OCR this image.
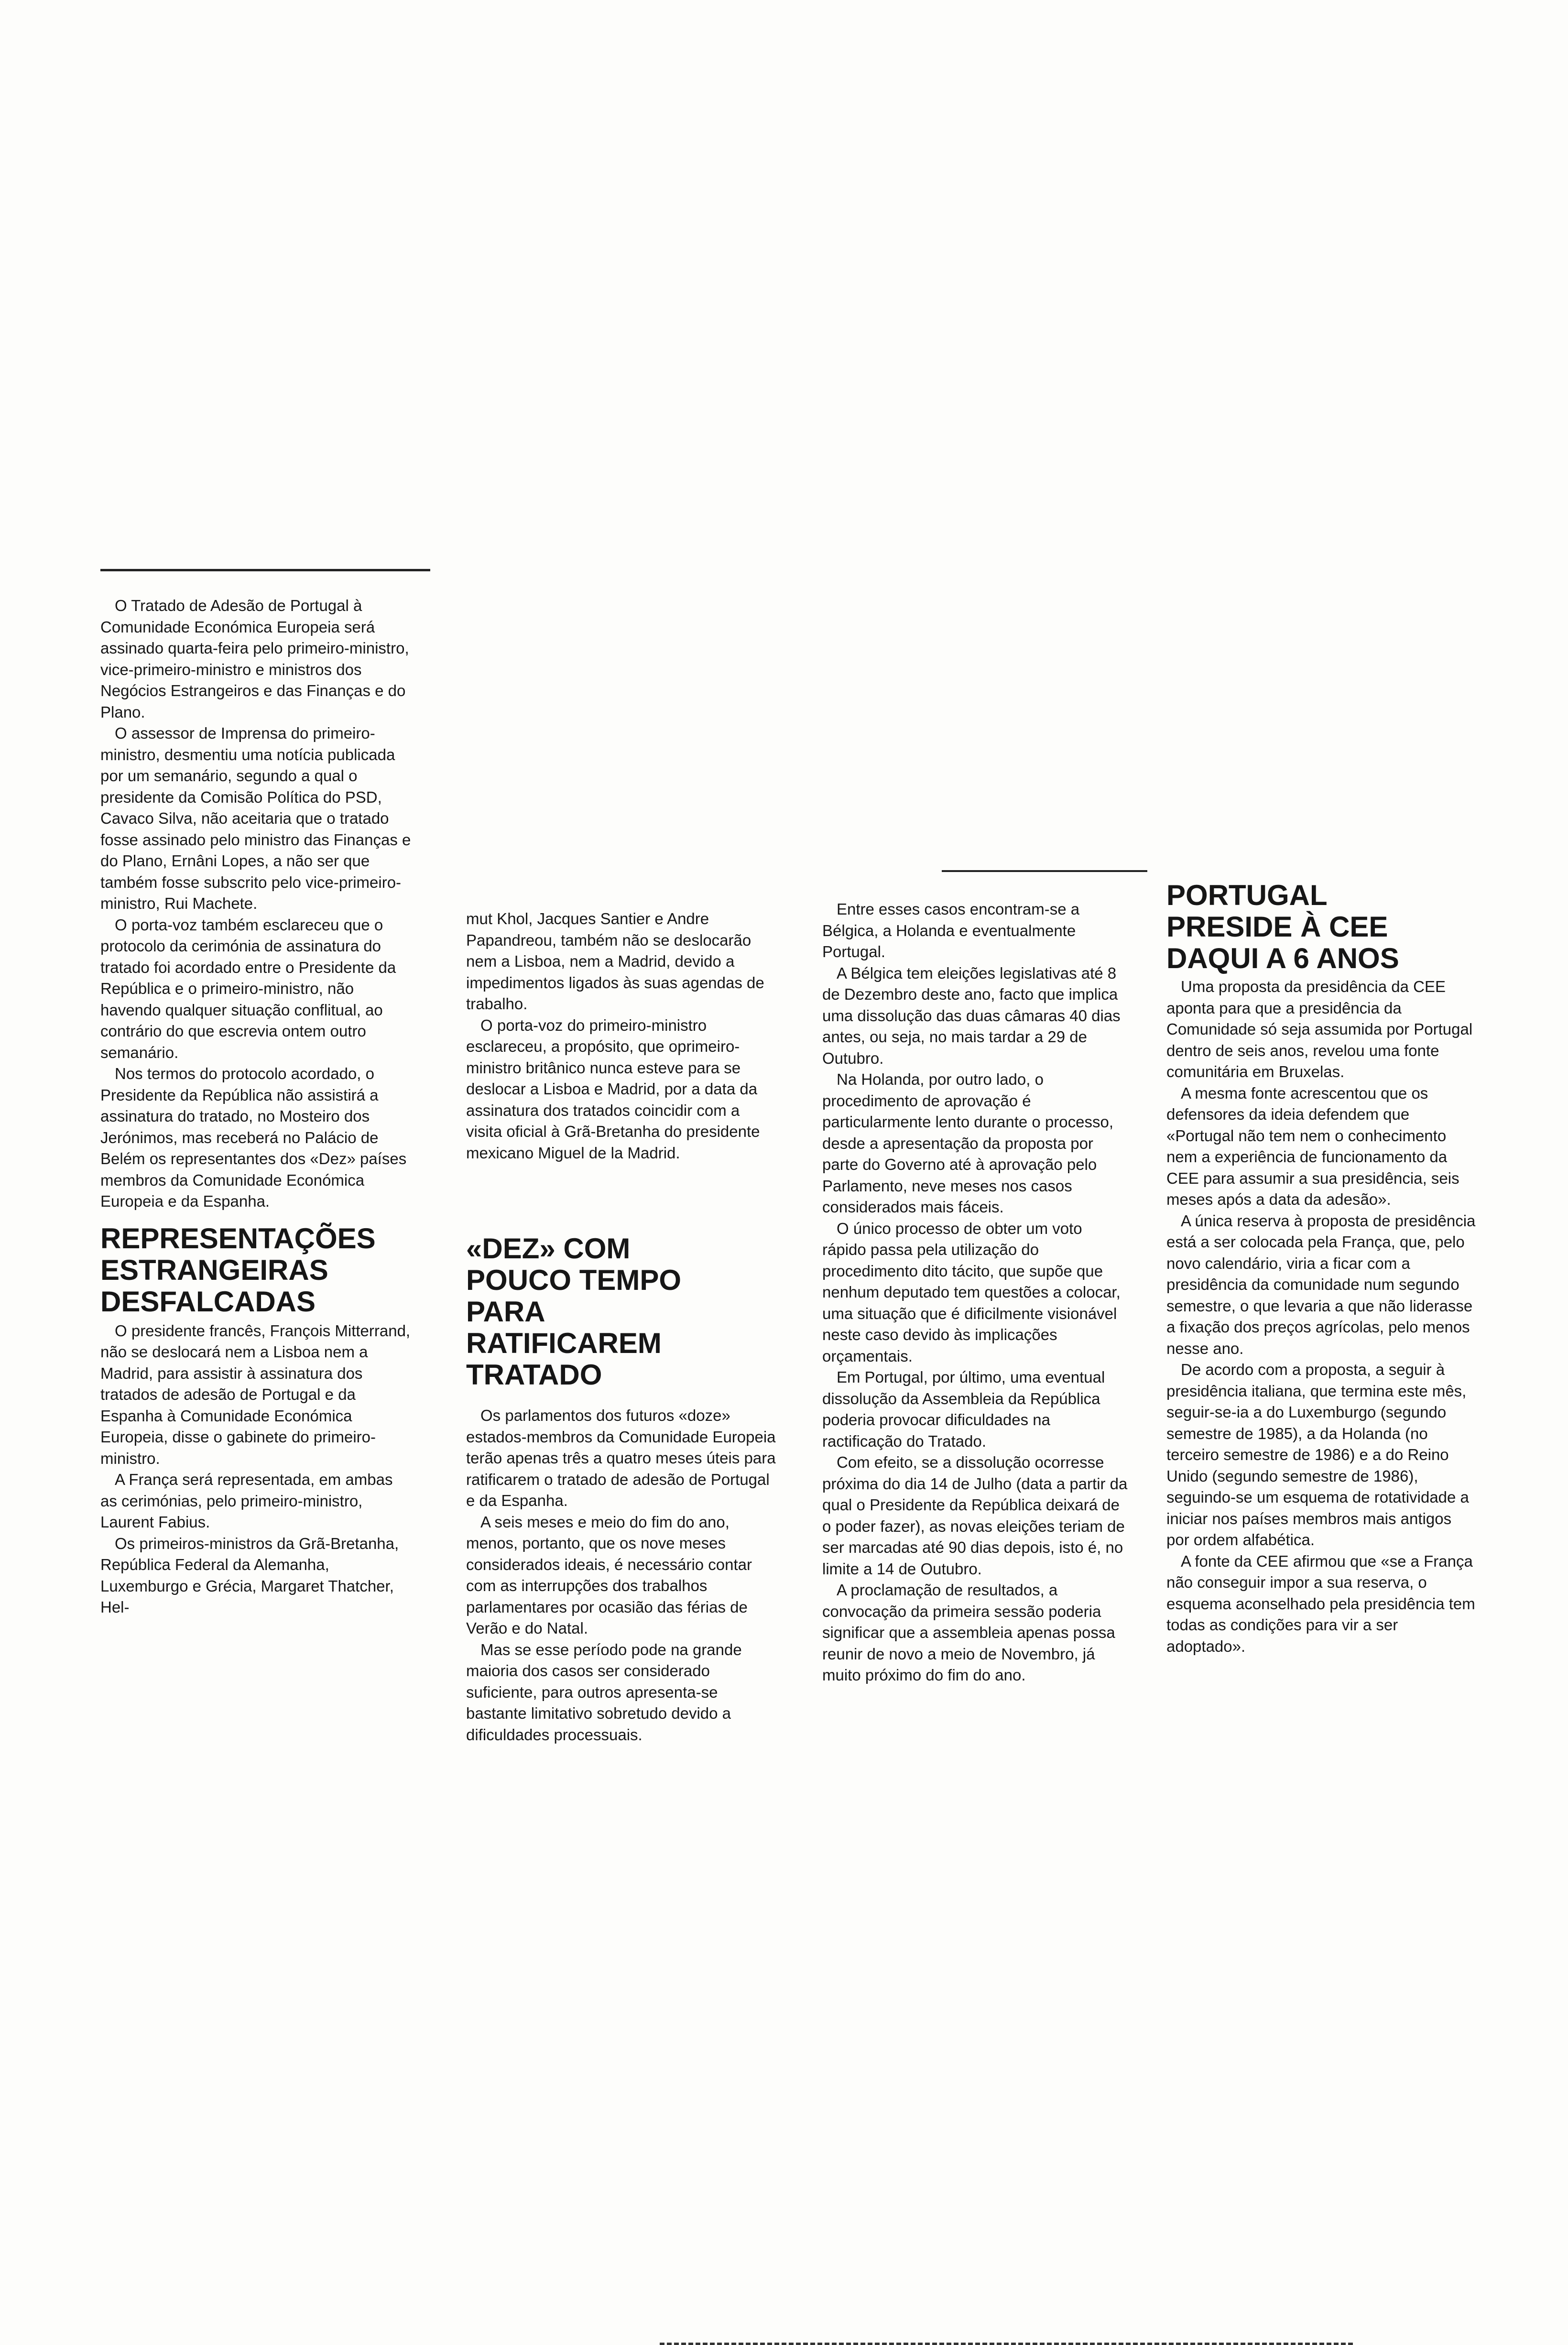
O Tratado de Adesão de Portugal à Comunidade Económica Europeia será assinado quarta-feira pelo primeiro-ministro, vice-primeiro-ministro e ministros dos Negócios Estrangeiros e das Finanças e do Plano.

O assessor de Imprensa do primeiro-ministro, desmentiu uma notícia publicada por um semanário, segundo a qual o presidente da Comisão Política do PSD, Cavaco Silva, não aceitaria que o tratado fosse assinado pelo ministro das Finanças e do Plano, Ernâni Lopes, a não ser que também fosse subscrito pelo vice-primeiro-ministro, Rui Machete.

O porta-voz também esclareceu que o protocolo da cerimónia de assinatura do tratado foi acordado entre o Presidente da República e o primeiro-ministro, não havendo qualquer situação conflitual, ao contrário do que escrevia ontem outro semanário.

Nos termos do protocolo acordado, o Presidente da República não assistirá a assinatura do tratado, no Mosteiro dos Jerónimos, mas receberá no Palácio de Belém os representantes dos «Dez» países membros da Comunidade Económica Europeia e da Espanha.

REPRESENTAÇÕES ESTRANGEIRAS DESFALCADAS

O presidente francês, François Mitterrand, não se deslocará nem a Lisboa nem a Madrid, para assistir à assinatura dos tratados de adesão de Portugal e da Espanha à Comunidade Económica Europeia, disse o gabinete do primeiro-ministro.

A França será representada, em ambas as cerimónias, pelo primeiro-ministro, Laurent Fabius.

Os primeiros-ministros da Grã-Bretanha, República Federal da Alemanha, Luxemburgo e Grécia, Margaret Thatcher, Hel-

mut Khol, Jacques Santier e Andre Papandreou, também não se deslocarão nem a Lisboa, nem a Madrid, devido a impedimentos ligados às suas agendas de trabalho.

O porta-voz do primeiro-ministro esclareceu, a propósito, que oprimeiro-ministro britânico nunca esteve para se deslocar a Lisboa e Madrid, por a data da assinatura dos tratados coincidir com a visita oficial à Grã-Bretanha do presidente mexicano Miguel de la Madrid.

«DEZ» COM POUCO TEMPO PARA RATIFICAREM TRATADO

Os parlamentos dos futuros «doze» estados-membros da Comunidade Europeia terão apenas três a quatro meses úteis para ratificarem o tratado de adesão de Portugal e da Espanha.

A seis meses e meio do fim do ano, menos, portanto, que os nove meses considerados ideais, é necessário contar com as interrupções dos trabalhos parlamentares por ocasião das férias de Verão e do Natal.

Mas se esse período pode na grande maioria dos casos ser considerado suficiente, para outros apresenta-se bastante limitativo sobretudo devido a dificuldades processuais.

Entre esses casos encontram-se a Bélgica, a Holanda e eventualmente Portugal.

A Bélgica tem eleições legislativas até 8 de Dezembro deste ano, facto que implica uma dissolução das duas câmaras 40 dias antes, ou seja, no mais tardar a 29 de Outubro.

Na Holanda, por outro lado, o procedimento de aprovação é particularmente lento durante o processo, desde a apresentação da proposta por parte do Governo até à aprovação pelo Parlamento, neve meses nos casos considerados mais fáceis.

O único processo de obter um voto rápido passa pela utilização do procedimento dito tácito, que supõe que nenhum deputado tem questões a colocar, uma situação que é dificilmente visionável neste caso devido às implicações orçamentais.

Em Portugal, por último, uma eventual dissolução da Assembleia da República poderia provocar dificuldades na ractificação do Tratado.

Com efeito, se a dissolução ocorresse próxima do dia 14 de Julho (data a partir da qual o Presidente da República deixará de o poder fazer), as novas eleições teriam de ser marcadas até 90 dias depois, isto é, no limite a 14 de Outubro.

A proclamação de resultados, a convocação da primeira sessão poderia significar que a assembleia apenas possa reunir de novo a meio de Novembro, já muito próximo do fim do ano.

PORTUGAL PRESIDE À CEE DAQUI A 6 ANOS

Uma proposta da presidência da CEE aponta para que a presidência da Comunidade só seja assumida por Portugal dentro de seis anos, revelou uma fonte comunitária em Bruxelas.

A mesma fonte acrescentou que os defensores da ideia defendem que «Portugal não tem nem o conhecimento nem a experiência de funcionamento da CEE para assumir a sua presidência, seis meses após a data da adesão».

A única reserva à proposta de presidência está a ser colocada pela França, que, pelo novo calendário, viria a ficar com a presidência da comunidade num segundo semestre, o que levaria a que não liderasse a fixação dos preços agrícolas, pelo menos nesse ano.

De acordo com a proposta, a seguir à presidência italiana, que termina este mês, seguir-se-ia a do Luxemburgo (segundo semestre de 1985), a da Holanda (no terceiro semestre de 1986) e a do Reino Unido (segundo semestre de 1986), seguindo-se um esquema de rotatividade a iniciar nos países membros mais antigos por ordem alfabética.

A fonte da CEE afirmou que «se a França não conseguir impor a sua reserva, o esquema aconselhado pela presidência tem todas as condições para vir a ser adoptado».
